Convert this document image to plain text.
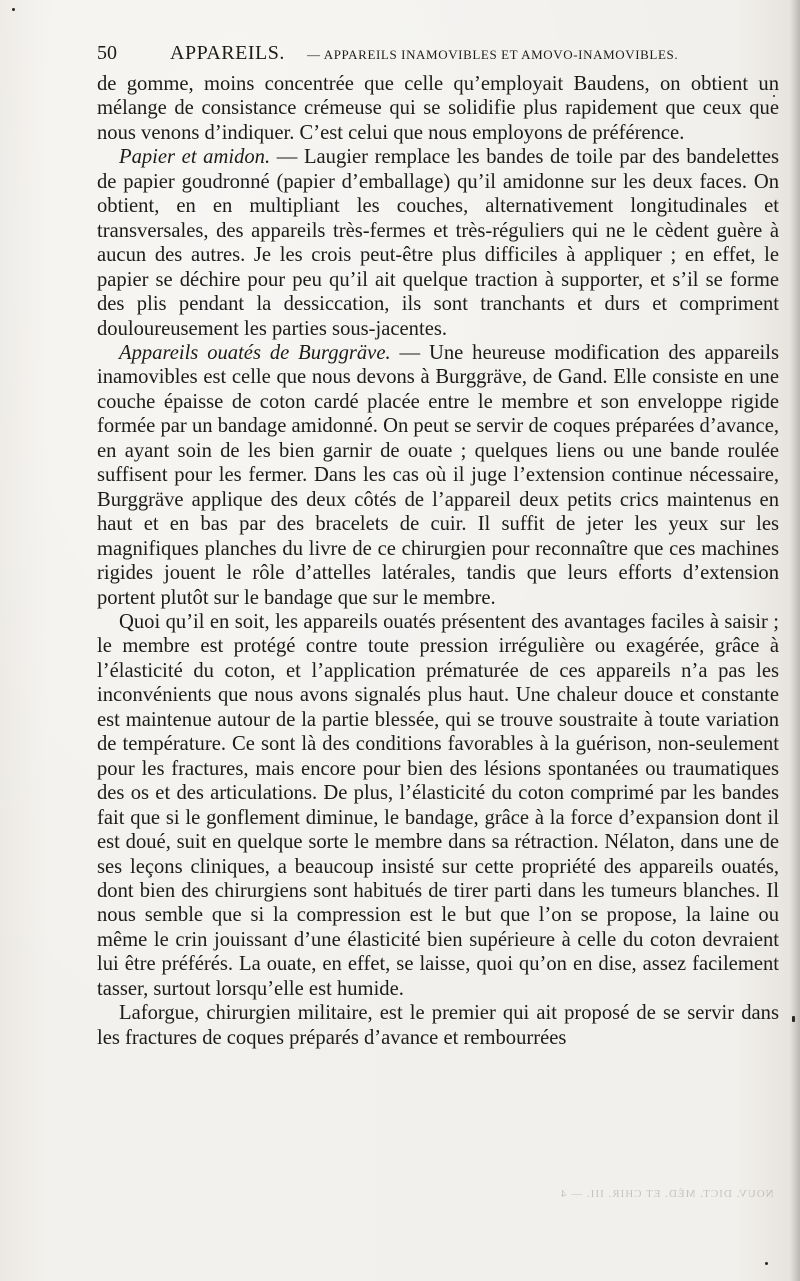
50	APPAREILS. — APPAREILS INAMOVIBLES ET AMOVO-INAMOVIBLES.

de gomme, moins concentrée que celle qu’employait Baudens, on obtient un mélange de consistance crémeuse qui se solidifie plus rapidement que ceux que nous venons d’indiquer. C’est celui que nous employons de préférence.

Papier et amidon. — Laugier remplace les bandes de toile par des bandelettes de papier goudronné (papier d’emballage) qu’il amidonne sur les deux faces. On obtient, en en multipliant les couches, alternativement longitudinales et transversales, des appareils très-fermes et très-réguliers qui ne le cèdent guère à aucun des autres. Je les crois peut-être plus difficiles à appliquer ; en effet, le papier se déchire pour peu qu’il ait quelque traction à supporter, et s’il se forme des plis pendant la dessiccation, ils sont tranchants et durs et compriment douloureusement les parties sous-jacentes.

Appareils ouatés de Burggräve. — Une heureuse modification des appareils inamovibles est celle que nous devons à Burggräve, de Gand. Elle consiste en une couche épaisse de coton cardé placée entre le membre et son enveloppe rigide formée par un bandage amidonné. On peut se servir de coques préparées d’avance, en ayant soin de les bien garnir de ouate ; quelques liens ou une bande roulée suffisent pour les fermer. Dans les cas où il juge l’extension continue nécessaire, Burggräve applique des deux côtés de l’appareil deux petits crics maintenus en haut et en bas par des bracelets de cuir. Il suffit de jeter les yeux sur les magnifiques planches du livre de ce chirurgien pour reconnaître que ces machines rigides jouent le rôle d’attelles latérales, tandis que leurs efforts d’extension portent plutôt sur le bandage que sur le membre.

Quoi qu’il en soit, les appareils ouatés présentent des avantages faciles à saisir ; le membre est protégé contre toute pression irrégulière ou exagérée, grâce à l’élasticité du coton, et l’application prématurée de ces appareils n’a pas les inconvénients que nous avons signalés plus haut. Une chaleur douce et constante est maintenue autour de la partie blessée, qui se trouve soustraite à toute variation de température. Ce sont là des conditions favorables à la guérison, non-seulement pour les fractures, mais encore pour bien des lésions spontanées ou traumatiques des os et des articulations. De plus, l’élasticité du coton comprimé par les bandes fait que si le gonflement diminue, le bandage, grâce à la force d’expansion dont il est doué, suit en quelque sorte le membre dans sa rétraction. Nélaton, dans une de ses leçons cliniques, a beaucoup insisté sur cette propriété des appareils ouatés, dont bien des chirurgiens sont habitués de tirer parti dans les tumeurs blanches. Il nous semble que si la compression est le but que l’on se propose, la laine ou même le crin jouissant d’une élasticité bien supérieure à celle du coton devraient lui être préférés. La ouate, en effet, se laisse, quoi qu’on en dise, assez facilement tasser, surtout lorsqu’elle est humide.

Laforgue, chirurgien militaire, est le premier qui ait proposé de se servir dans les fractures de coques préparés d’avance et rembourrées

NOUV. DICT. MÉD. ET CHIR. III. — 4
